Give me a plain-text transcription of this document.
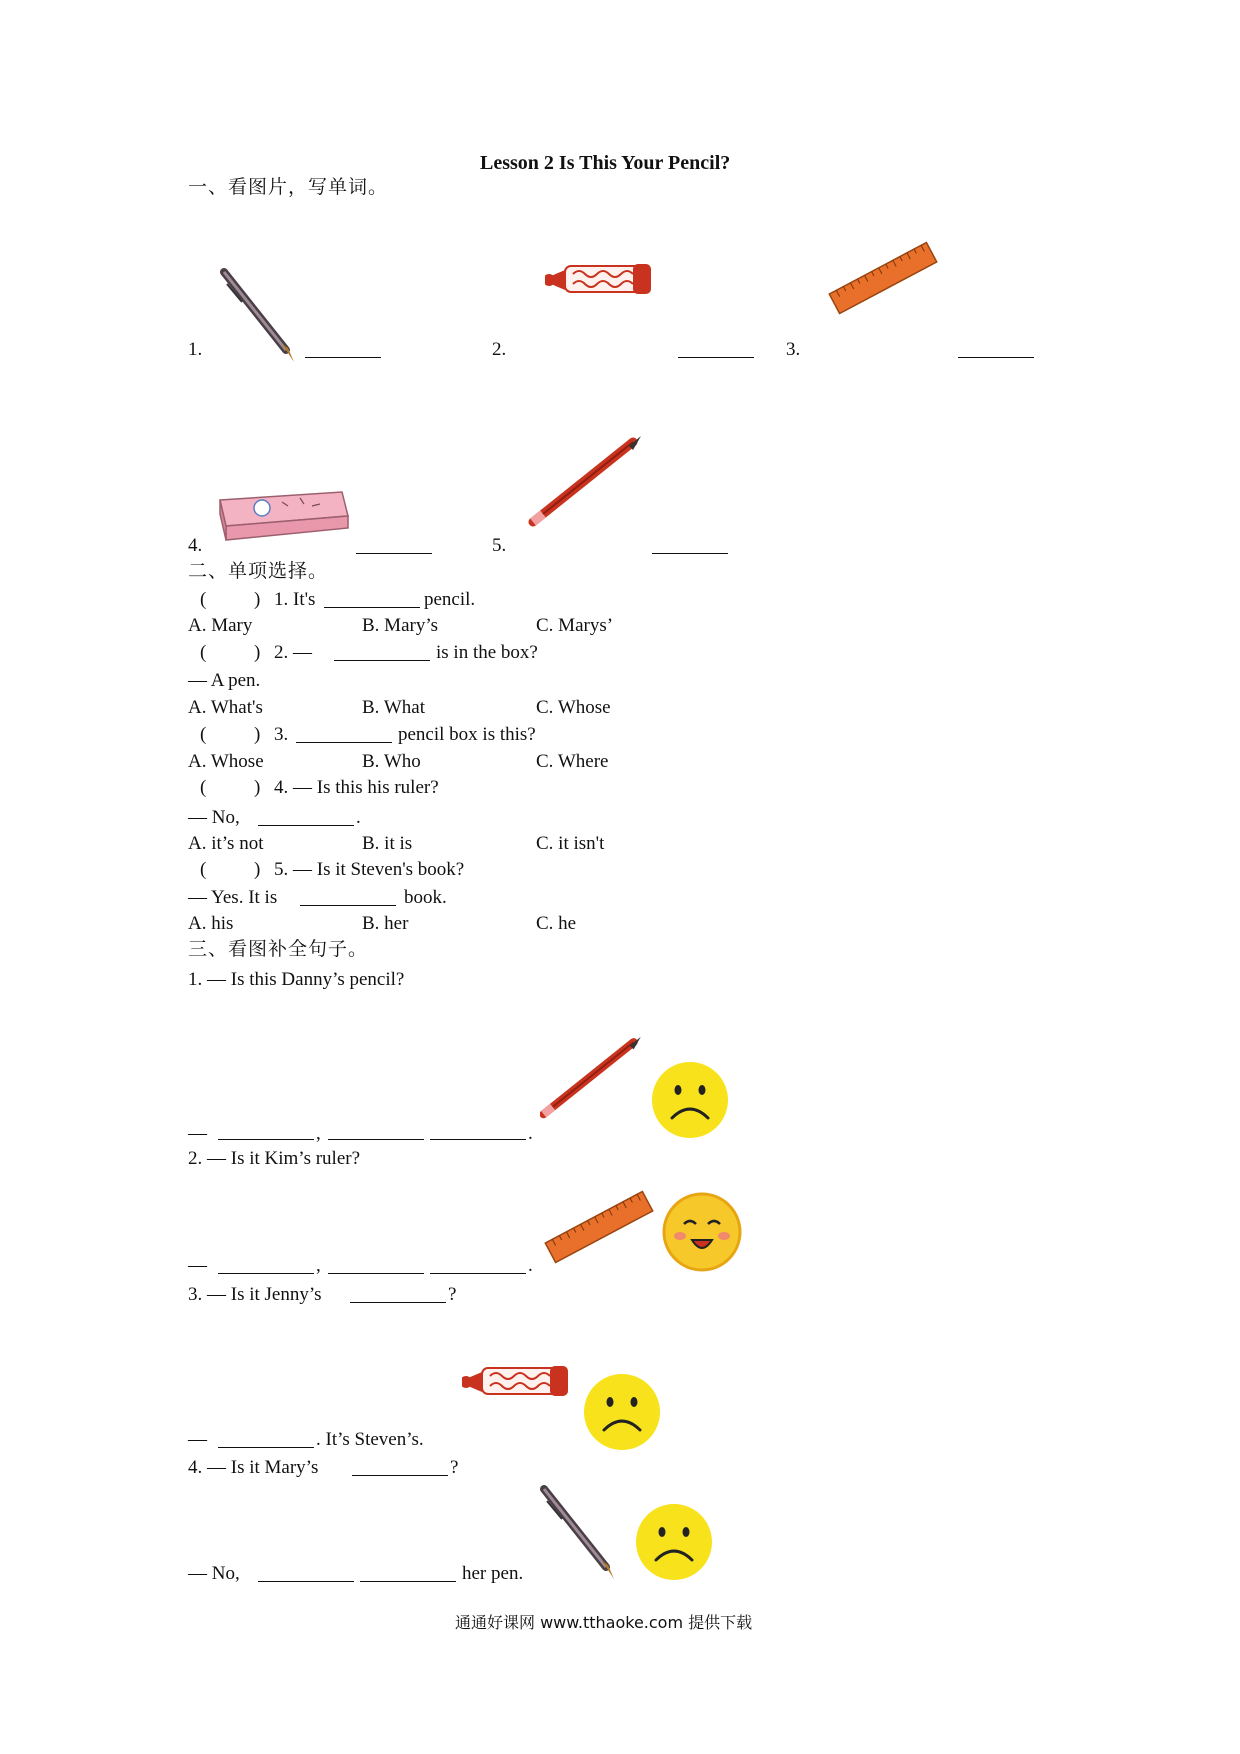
Lesson 2 Is This Your Pencil?
一、看图片，写单词。
1.	2.	3.
4.	5.
二、单项选择。
(	) 1. It's	pencil.
A. Mary	B. Mary’s	C. Marys’
(	) 2. —	is in the box?
— A pen.
A. What's	B. What	C. Whose
(	) 3.	pencil box is this?
A. Whose	B. Who	C. Where
(	) 4. — Is this his ruler?
— No,	.
A. it’s not	B. it is	C. it isn't
(	) 5. — Is it Steven's book?
— Yes. It is	book.
A. his	B. her	C. he
三、看图补全句子。
1. — Is this Danny’s pencil?
—	,	.
2. — Is it Kim’s ruler?
—	,	.
3. — Is it Jenny’s	?
—	. It’s Steven’s.
4. — Is it Mary’s	?
— No,	her pen.
通通好课网 www.tthaoke.com 提供下载
